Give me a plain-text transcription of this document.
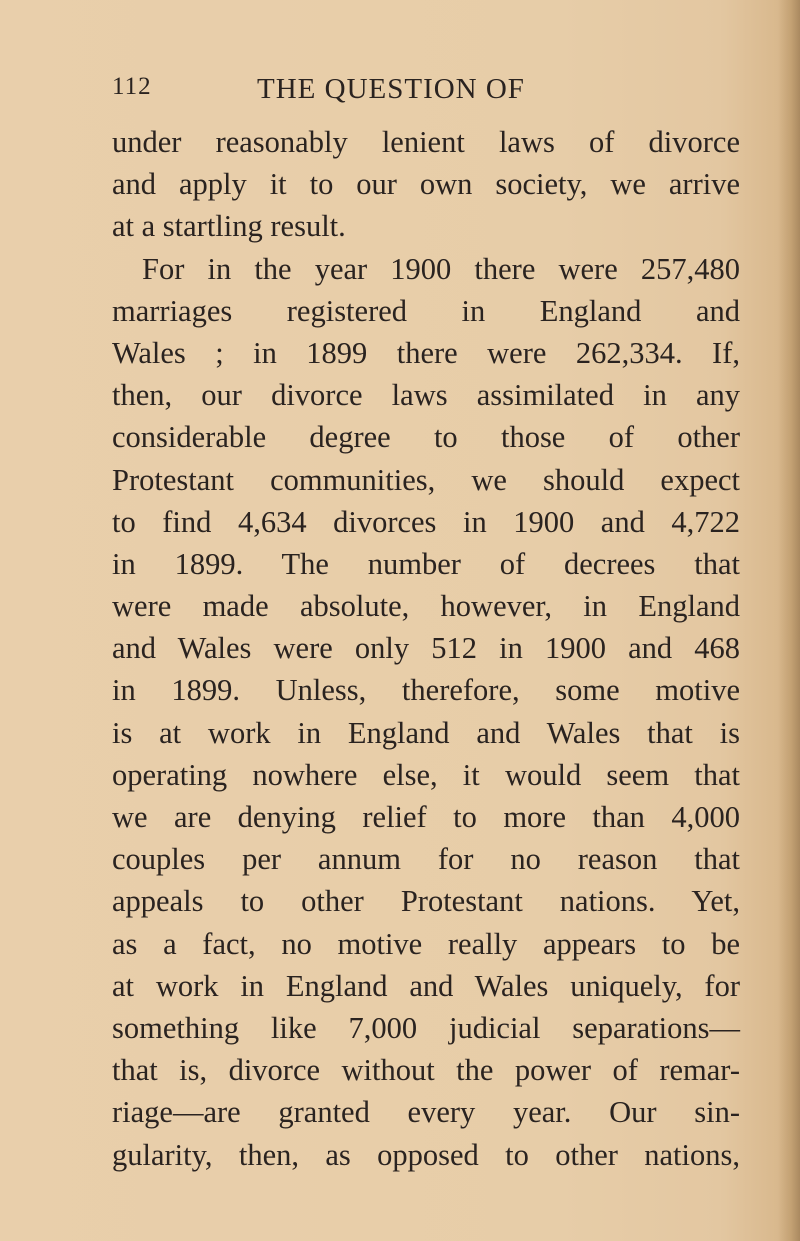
112	THE QUESTION OF
under reasonably lenient laws of divorce
and apply it to our own society, we arrive
at a startling result.
For in the year 1900 there were 257,480
marriages registered in England and
Wales ; in 1899 there were 262,334. If,
then, our divorce laws assimilated in any
considerable degree to those of other
Protestant communities, we should expect
to find 4,634 divorces in 1900 and 4,722
in 1899. The number of decrees that
were made absolute, however, in England
and Wales were only 512 in 1900 and 468
in 1899. Unless, therefore, some motive
is at work in England and Wales that is
operating nowhere else, it would seem that
we are denying relief to more than 4,000
couples per annum for no reason that
appeals to other Protestant nations. Yet,
as a fact, no motive really appears to be
at work in England and Wales uniquely, for
something like 7,000 judicial separations—
that is, divorce without the power of remar-
riage—are granted every year. Our sin-
gularity, then, as opposed to other nations,
